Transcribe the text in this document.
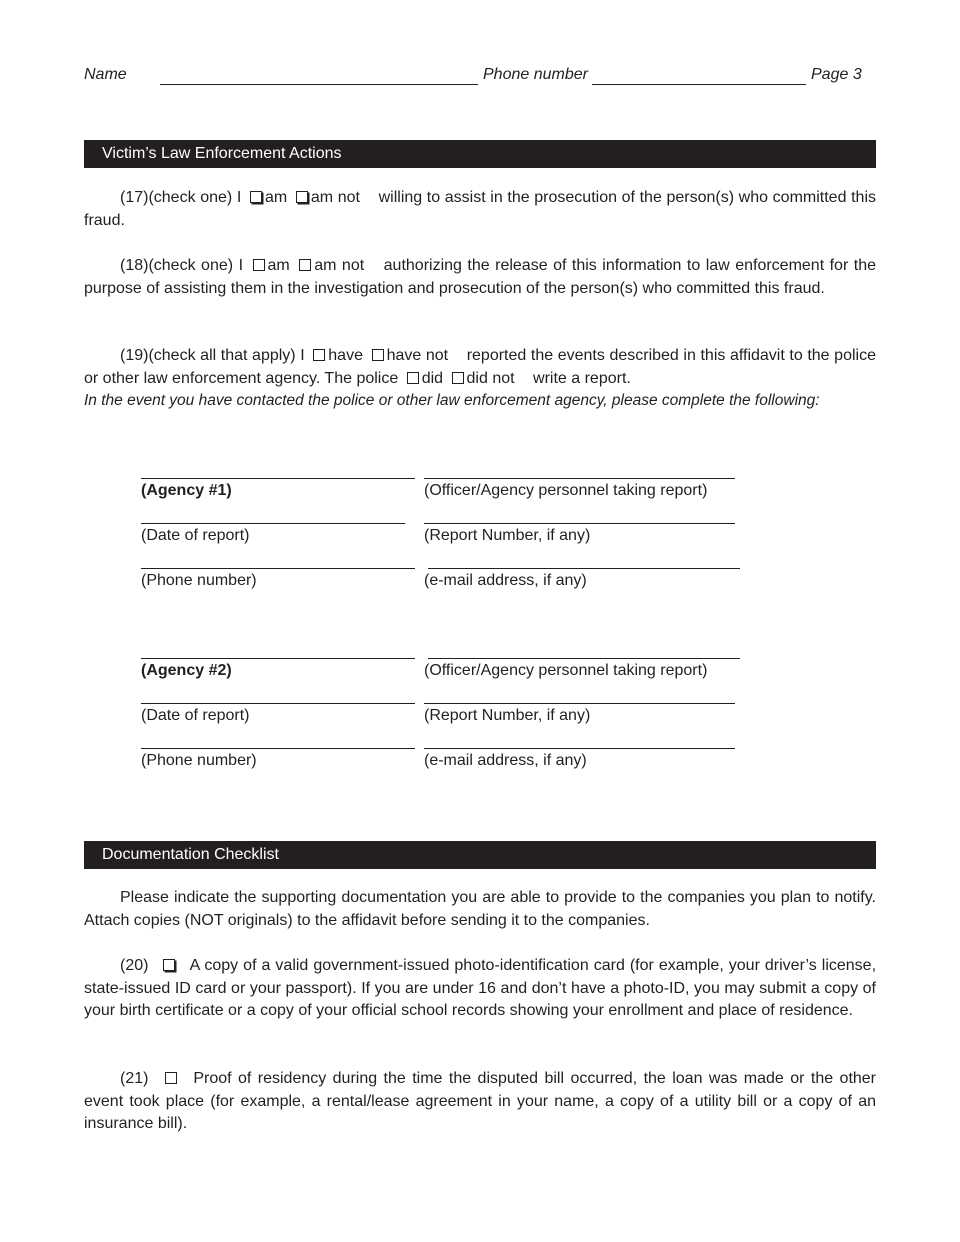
Name	Phone number	Page 3
Victim’s Law Enforcement Actions
(17)(check one) I am am not willing to assist in the prosecution of the person(s) who committed this fraud.
(18)(check one) I am am not authorizing the release of this information to law enforcement for the purpose of assisting them in the investigation and prosecution of the person(s) who committed this fraud.
(19)(check all that apply) I have have not reported the events described in this affidavit to the police or other law enforcement agency. The police did did not write a report.
In the event you have contacted the police or other law enforcement agency, please complete the following:
(Agency #1)	(Officer/Agency personnel taking report)
(Date of report)	(Report Number, if any)
(Phone number)	(e-mail address, if any)
(Agency #2)	(Officer/Agency personnel taking report)
(Date of report)	(Report Number, if any)
(Phone number)	(e-mail address, if any)
Documentation Checklist
Please indicate the supporting documentation you are able to provide to the companies you plan to notify. Attach copies (NOT originals) to the affidavit before sending it to the companies.
(20)	A copy of a valid government-issued photo-identification card (for example, your driver’s license, state-issued ID card or your passport). If you are under 16 and don’t have a photo-ID, you may submit a copy of your birth certificate or a copy of your official school records showing your enrollment and place of residence.
(21)	Proof of residency during the time the disputed bill occurred, the loan was made or the other event took place (for example, a rental/lease agreement in your name, a copy of a utility bill or a copy of an insurance bill).
